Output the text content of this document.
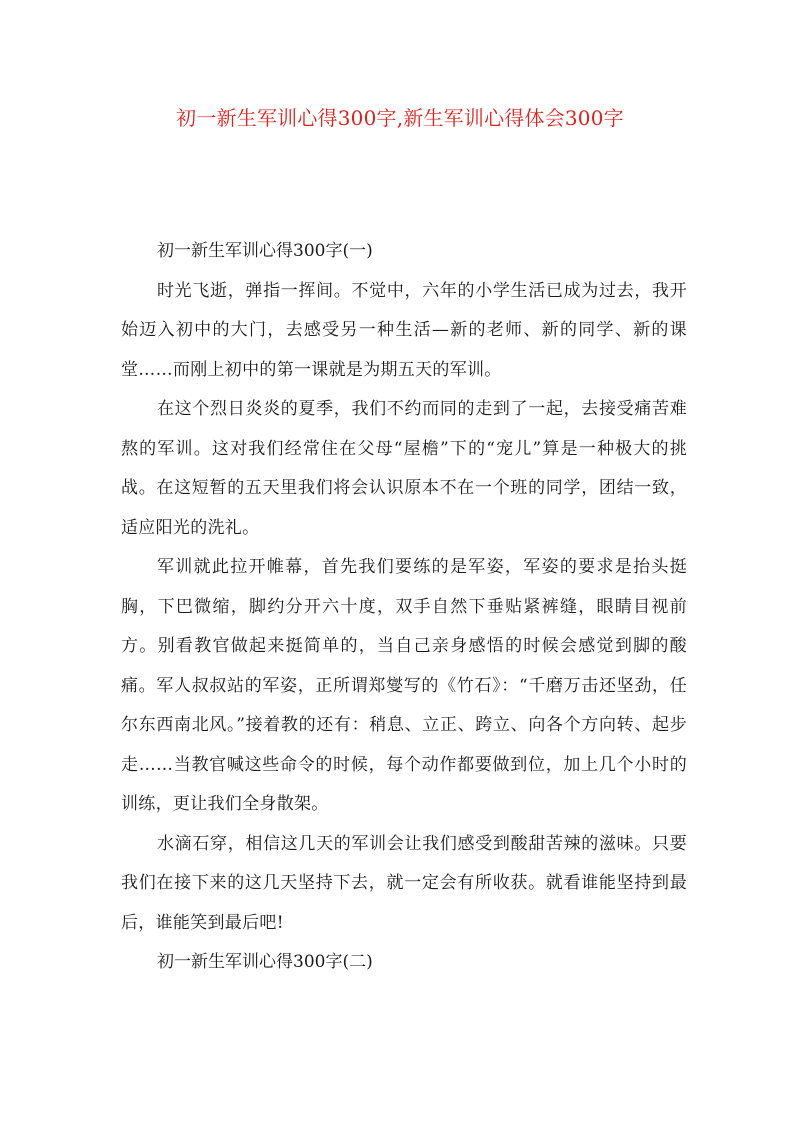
初一新生军训心得300字,新生军训心得体会300字

初一新生军训心得300字(一)

时光飞逝，弹指一挥间。不觉中，六年的小学生活已成为过去，我开始迈入初中的大门，去感受另一种生活—新的老师、新的同学、新的课堂……而刚上初中的第一课就是为期五天的军训。

在这个烈日炎炎的夏季，我们不约而同的走到了一起，去接受痛苦难熬的军训。这对我们经常住在父母“屋檐”下的“宠儿”算是一种极大的挑战。在这短暂的五天里我们将会认识原本不在一个班的同学，团结一致，适应阳光的洗礼。

军训就此拉开帷幕，首先我们要练的是军姿，军姿的要求是抬头挺胸，下巴微缩，脚约分开六十度，双手自然下垂贴紧裤缝，眼睛目视前方。别看教官做起来挺简单的，当自己亲身感悟的时候会感觉到脚的酸痛。军人叔叔站的军姿，正所谓郑燮写的《竹石》：“千磨万击还坚劲，任尔东西南北风。”接着教的还有：稍息、立正、跨立、向各个方向转、起步走……当教官喊这些命令的时候，每个动作都要做到位，加上几个小时的训练，更让我们全身散架。

水滴石穿，相信这几天的军训会让我们感受到酸甜苦辣的滋味。只要我们在接下来的这几天坚持下去，就一定会有所收获。就看谁能坚持到最后，谁能笑到最后吧!

初一新生军训心得300字(二)
